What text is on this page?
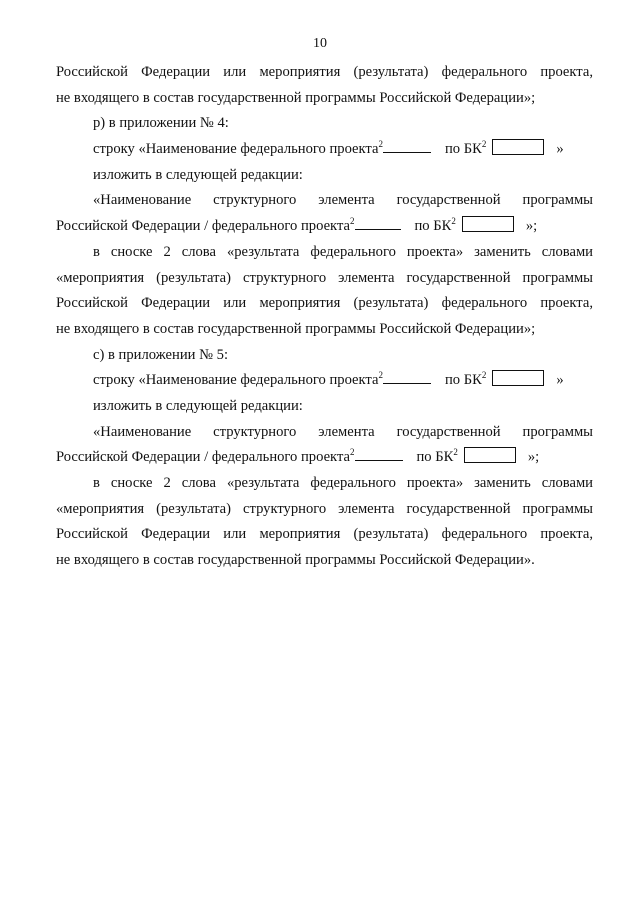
10
Российской Федерации или мероприятия (результата) федерального проекта,
не входящего в состав государственной программы Российской Федерации»;
р) в приложении № 4:
строку «Наименование федерального проекта$^2$	по $БК^2$	»
изложить в следующей редакции:
«Наименование структурного элемента государственной программы
Российской Федерации / федерального проекта$^2$	по $БК^2$	»;
в сноске 2 слова «результата федерального проекта» заменить словами
«мероприятия (результата) структурного элемента государственной программы
Российской Федерации или мероприятия (результата) федерального проекта,
не входящего в состав государственной программы Российской Федерации»;
с) в приложении № 5:
строку «Наименование федерального проекта$^2$	по $БК^2$	»
изложить в следующей редакции:
«Наименование структурного элемента государственной программы
Российской Федерации / федерального проекта$^2$	по $БК^2$	»;
в сноске 2 слова «результата федерального проекта» заменить словами
«мероприятия (результата) структурного элемента государственной программы
Российской Федерации или мероприятия (результата) федерального проекта,
не входящего в состав государственной программы Российской Федерации».
